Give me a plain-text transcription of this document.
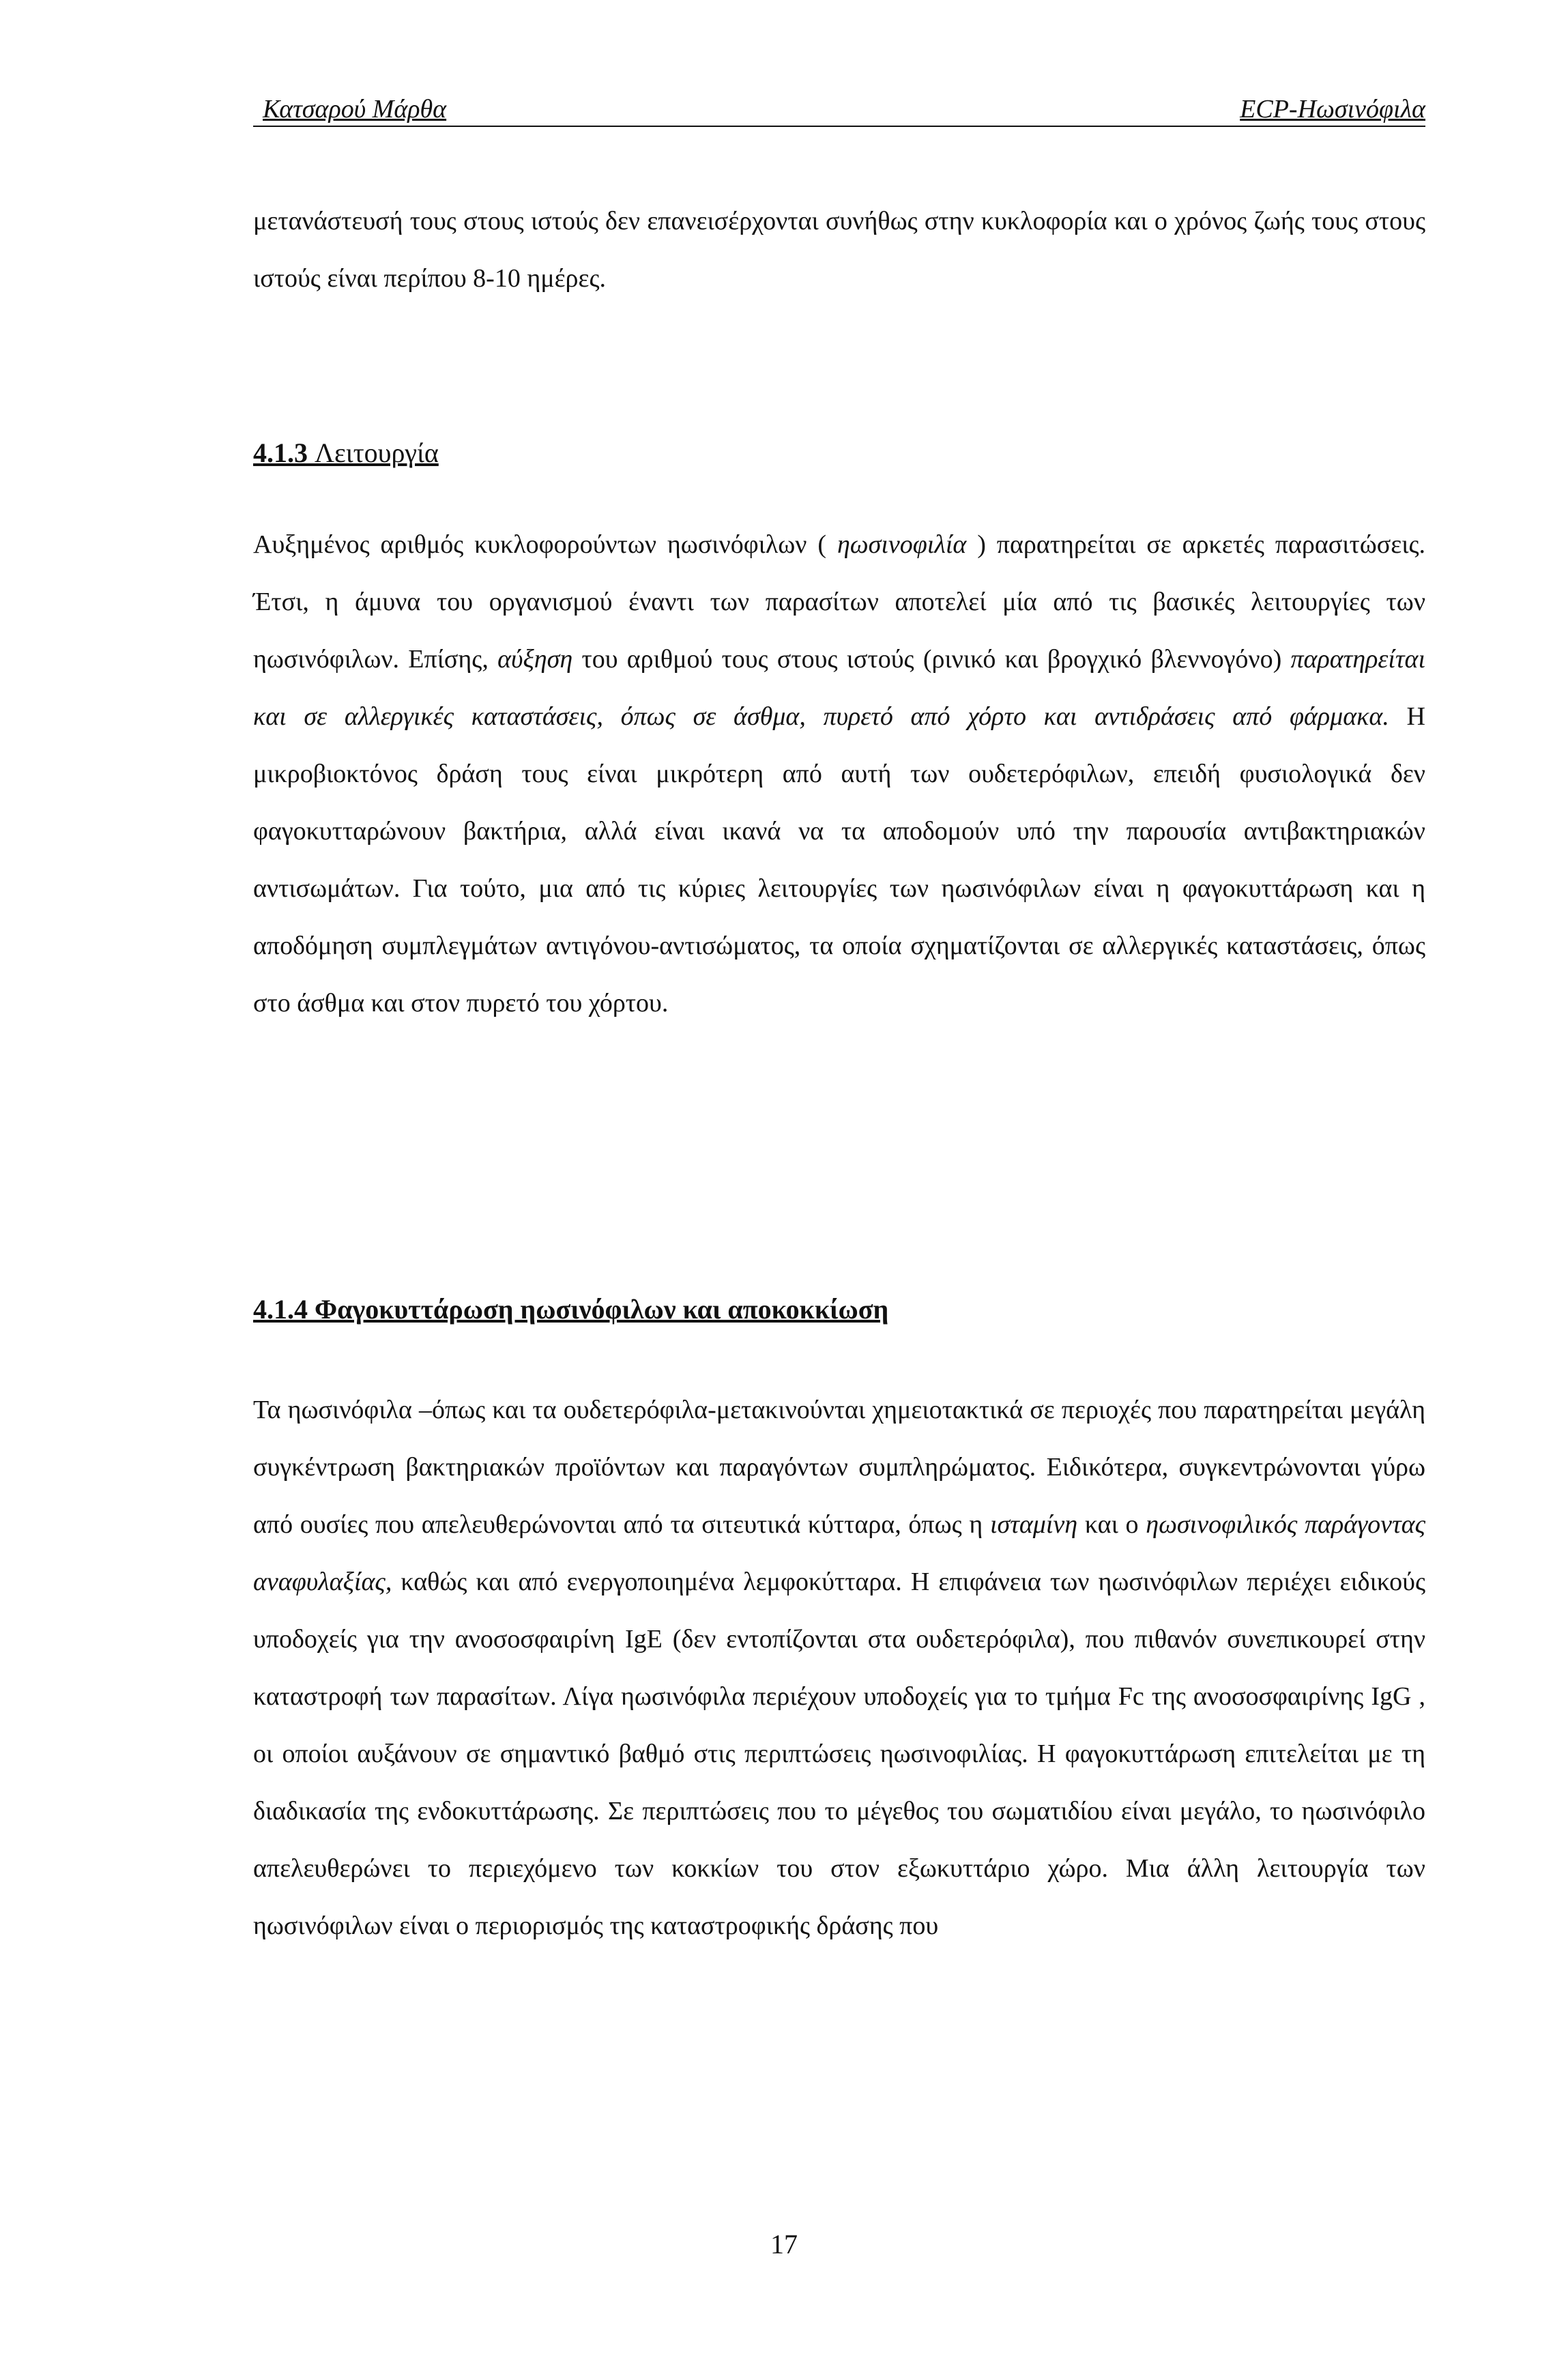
Κατσαρού Μάρθα	ECP-Ηωσινόφιλα
μετανάστευσή τους στους ιστούς δεν επανεισέρχονται συνήθως στην κυκλοφορία και ο χρόνος ζωής τους στους ιστούς είναι περίπου 8-10 ημέρες.
4.1.3 Λειτουργία
Αυξημένος αριθμός κυκλοφορούντων ηωσινόφιλων ( ηωσινοφιλία ) παρατηρείται σε αρκετές παρασιτώσεις. Έτσι, η άμυνα του οργανισμού έναντι των παρασίτων αποτελεί μία από τις βασικές λειτουργίες των ηωσινόφιλων. Επίσης, αύξηση του αριθμού τους στους ιστούς (ρινικό και βρογχικό βλεννογόνο) παρατηρείται και σε αλλεργικές καταστάσεις, όπως σε άσθμα, πυρετό από χόρτο και αντιδράσεις από φάρμακα. Η μικροβιοκτόνος δράση τους είναι μικρότερη από αυτή των ουδετερόφιλων, επειδή φυσιολογικά δεν φαγοκυτταρώνουν βακτήρια, αλλά είναι ικανά να τα αποδομούν υπό την παρουσία αντιβακτηριακών αντισωμάτων. Για τούτο, μια από τις κύριες λειτουργίες των ηωσινόφιλων είναι η φαγοκυττάρωση και η αποδόμηση συμπλεγμάτων αντιγόνου-αντισώματος, τα οποία σχηματίζονται σε αλλεργικές καταστάσεις, όπως στο άσθμα και στον πυρετό του χόρτου.
4.1.4 Φαγοκυττάρωση ηωσινόφιλων και αποκοκκίωση
Τα ηωσινόφιλα –όπως και τα ουδετερόφιλα-μετακινούνται χημειοτακτικά σε περιοχές που παρατηρείται μεγάλη συγκέντρωση βακτηριακών προϊόντων και παραγόντων συμπληρώματος. Ειδικότερα, συγκεντρώνονται γύρω από ουσίες που απελευθερώνονται από τα σιτευτικά κύτταρα, όπως η ισταμίνη και ο ηωσινοφιλικός παράγοντας αναφυλαξίας, καθώς και από ενεργοποιημένα λεμφοκύτταρα. Η επιφάνεια των ηωσινόφιλων περιέχει ειδικούς υποδοχείς για την ανοσοσφαιρίνη IgE (δεν εντοπίζονται στα ουδετερόφιλα), που πιθανόν συνεπικουρεί στην καταστροφή των παρασίτων. Λίγα ηωσινόφιλα περιέχουν υποδοχείς για το τμήμα Fc της ανοσοσφαιρίνης IgG , οι οποίοι αυξάνουν σε σημαντικό βαθμό στις περιπτώσεις ηωσινοφιλίας. Η φαγοκυττάρωση επιτελείται με τη διαδικασία της ενδοκυττάρωσης. Σε περιπτώσεις που το μέγεθος του σωματιδίου είναι μεγάλο, το ηωσινόφιλο απελευθερώνει το περιεχόμενο των κοκκίων του στον εξωκυττάριο χώρο. Μια άλλη λειτουργία των ηωσινόφιλων είναι ο περιορισμός της καταστροφικής δράσης που
17
